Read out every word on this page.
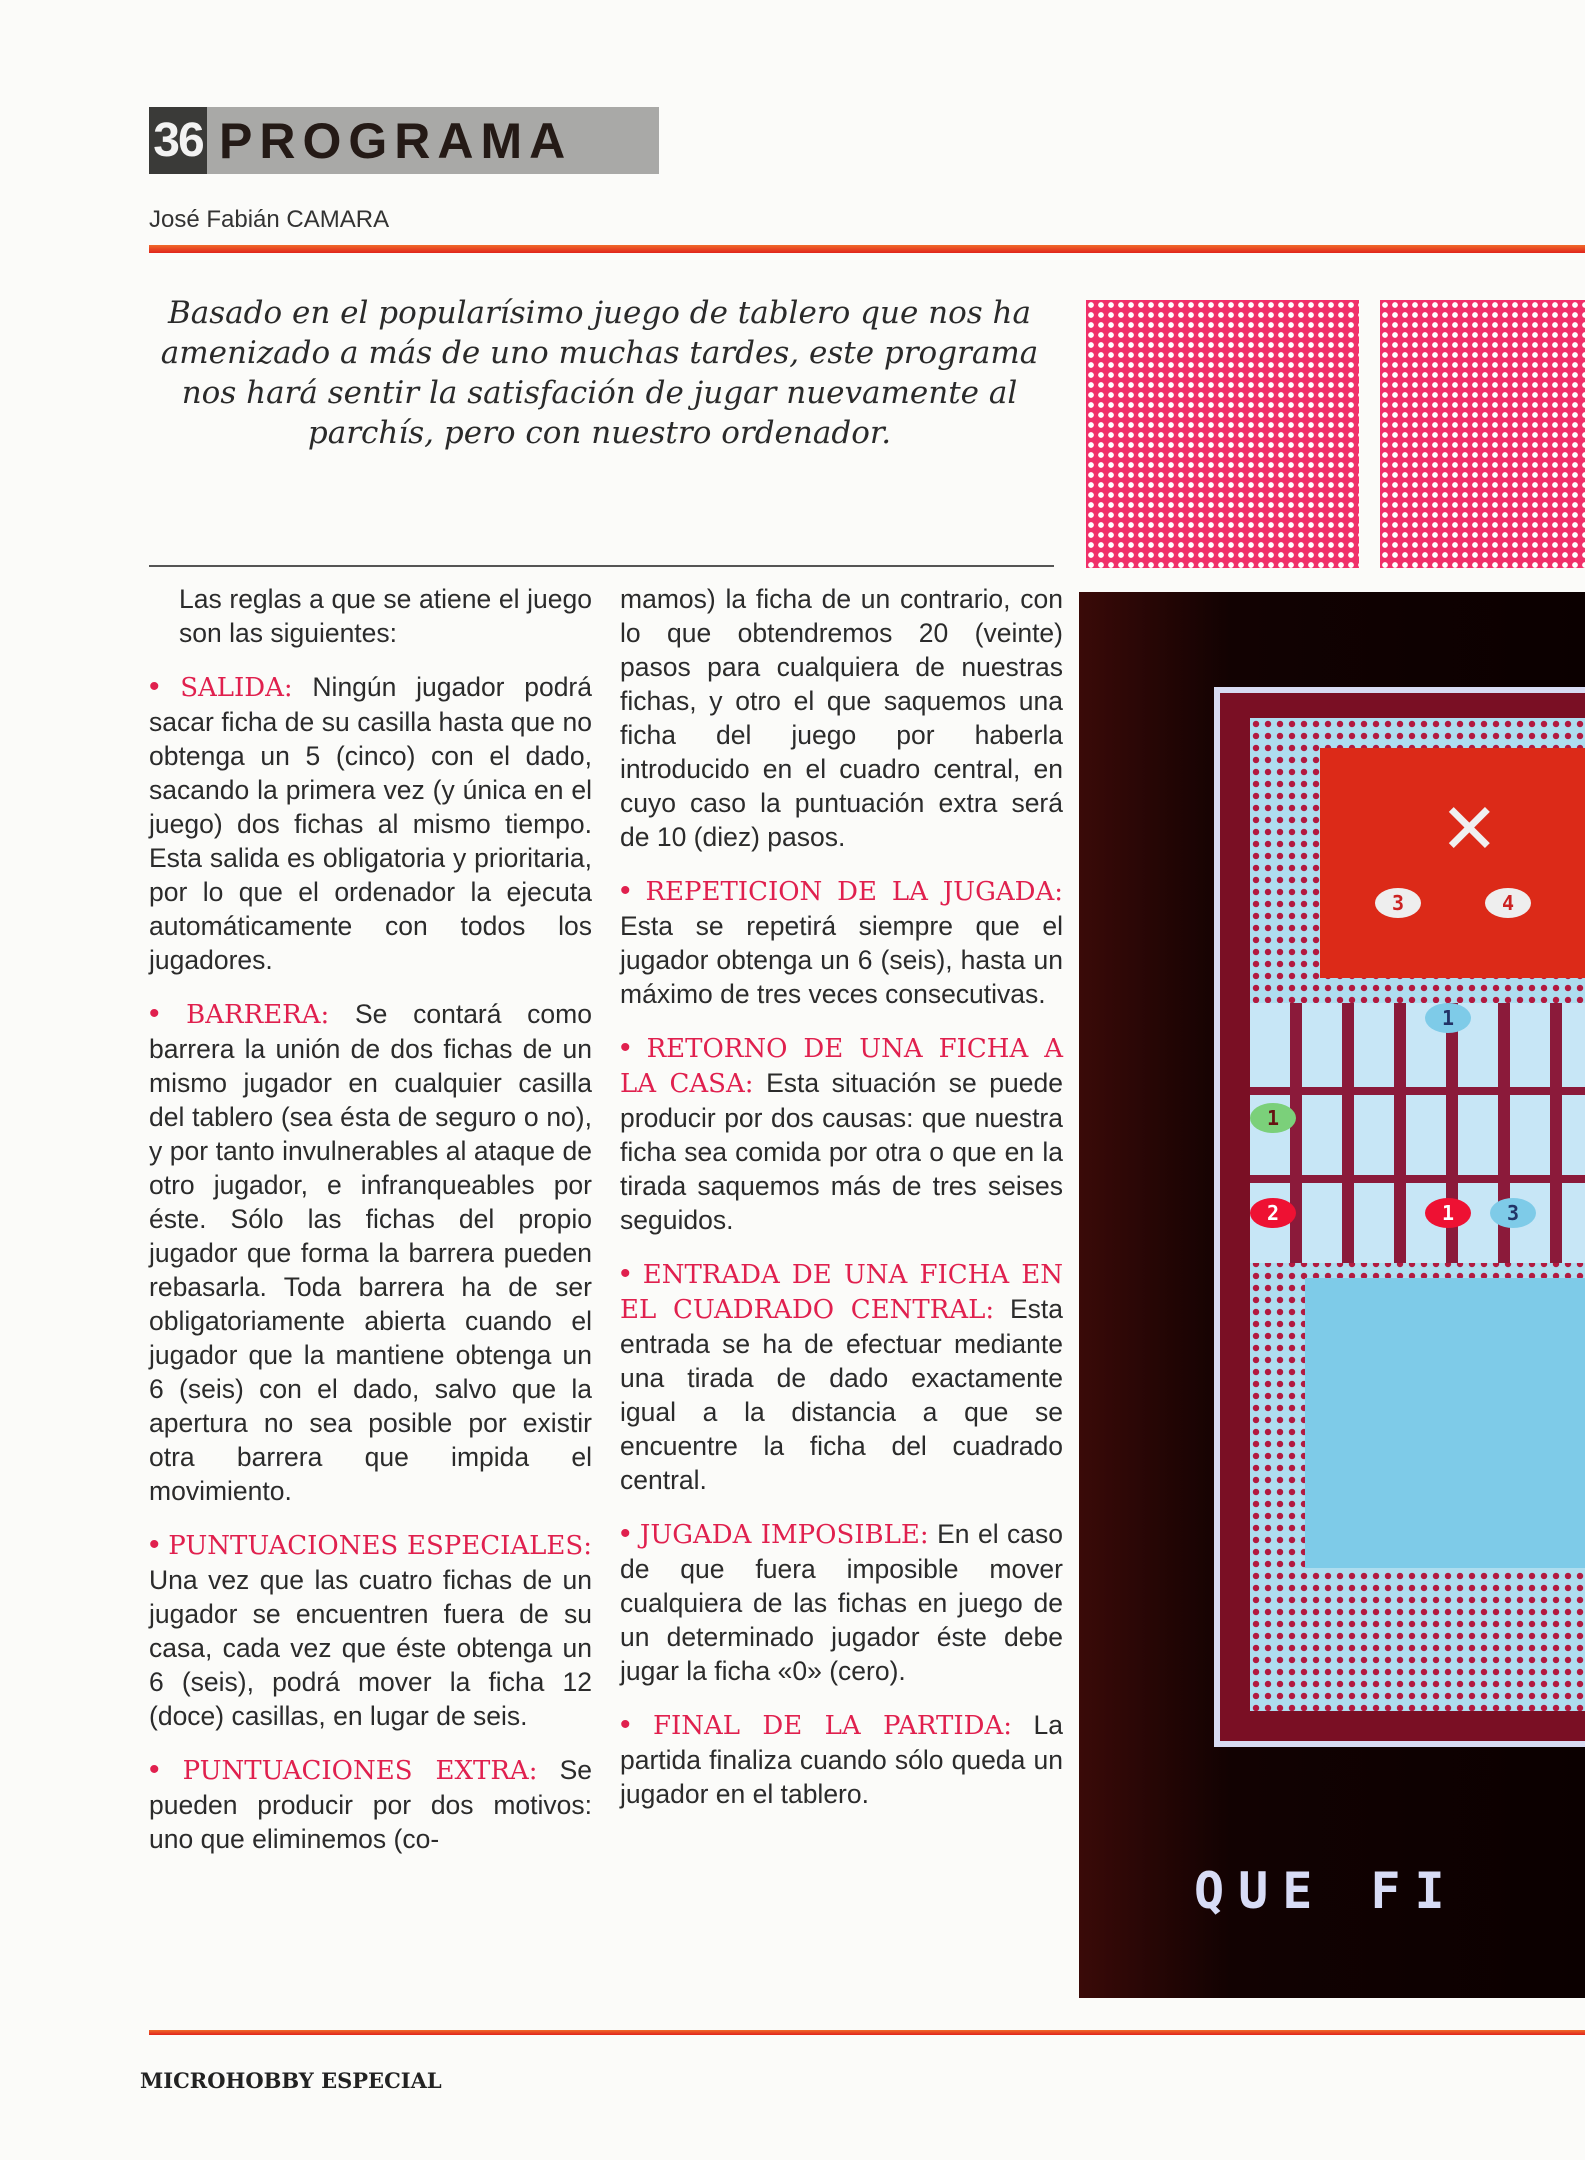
36 PROGRAMA
José Fabián CAMARA
Basado en el popularísimo juego de tablero que nos ha amenizado a más de uno muchas tardes, este programa nos hará sentir la satisfación de jugar nuevamente al parchís, pero con nuestro ordenador.

Las reglas a que se atiene el juego son las siguientes:

• SALIDA: Ningún jugador podrá sacar ficha de su casilla hasta que no obtenga un 5 (cinco) con el dado, sacando la primera vez (y única en el juego) dos fichas al mismo tiempo. Esta salida es obligatoria y prioritaria, por lo que el ordenador la ejecuta automáticamente con todos los jugadores.

• BARRERA: Se contará como barrera la unión de dos fichas de un mismo jugador en cualquier casilla del tablero (sea ésta de seguro o no), y por tanto invulnerables al ataque de otro jugador, e infranqueables por éste. Sólo las fichas del propio jugador que forma la barrera pueden rebasarla. Toda barrera ha de ser obligatoriamente abierta cuando el jugador que la mantiene obtenga un 6 (seis) con el dado, salvo que la apertura no sea posible por existir otra barrera que impida el movimiento.

• PUNTUACIONES ESPECIALES: Una vez que las cuatro fichas de un jugador se encuentren fuera de su casa, cada vez que éste obtenga un 6 (seis), podrá mover la ficha 12 (doce) casillas, en lugar de seis.

• PUNTUACIONES EXTRA: Se pueden producir por dos motivos: uno que eliminemos (co-

mamos) la ficha de un contrario, con lo que obtendremos 20 (veinte) pasos para cualquiera de nuestras fichas, y otro el que saquemos una ficha del juego por haberla introducido en el cuadro central, en cuyo caso la puntuación extra será de 10 (diez) pasos.

• REPETICION DE LA JUGADA: Esta se repetirá siempre que el jugador obtenga un 6 (seis), hasta un máximo de tres veces consecutivas.

• RETORNO DE UNA FICHA A LA CASA: Esta situación se puede producir por dos causas: que nuestra ficha sea comida por otra o que en la tirada saquemos más de tres seises seguidos.

• ENTRADA DE UNA FICHA EN EL CUADRADO CENTRAL: Esta entrada se ha de efectuar mediante una tirada de dado exactamente igual a la distancia a que se encuentre la ficha del cuadrado central.

• JUGADA IMPOSIBLE: En el caso de que fuera imposible mover cualquiera de las fichas en juego de un determinado jugador éste debe jugar la ficha «0» (cero).

• FINAL DE LA PARTIDA: La partida finaliza cuando sólo queda un jugador en el tablero.

✕
3	4
1
1
2	1	3
QUE FI
MICROHOBBY ESPECIAL
